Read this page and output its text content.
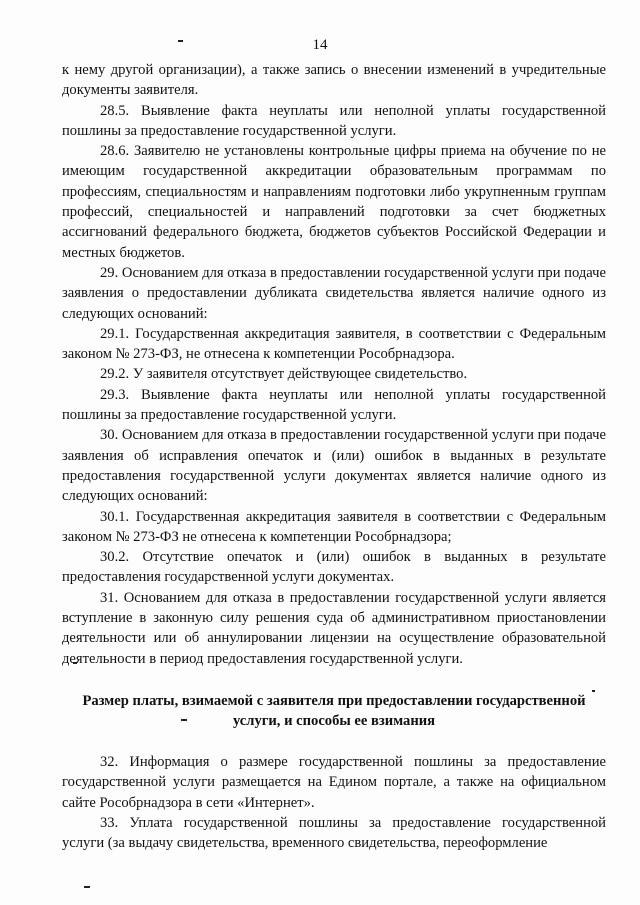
14

к нему другой организации), а также запись о внесении изменений в учредительные документы заявителя.

28.5. Выявление факта неуплаты или неполной уплаты государственной пошлины за предоставление государственной услуги.

28.6. Заявителю не установлены контрольные цифры приема на обучение по не имеющим государственной аккредитации образовательным программам по профессиям, специальностям и направлениям подготовки либо укрупненным группам профессий, специальностей и направлений подготовки за счет бюджетных ассигнований федерального бюджета, бюджетов субъектов Российской Федерации и местных бюджетов.

29. Основанием для отказа в предоставлении государственной услуги при подаче заявления о предоставлении дубликата свидетельства является наличие одного из следующих оснований:

29.1. Государственная аккредитация заявителя, в соответствии с Федеральным законом № 273-ФЗ, не отнесена к компетенции Рособрнадзора.

29.2. У заявителя отсутствует действующее свидетельство.

29.3. Выявление факта неуплаты или неполной уплаты государственной пошлины за предоставление государственной услуги.

30. Основанием для отказа в предоставлении государственной услуги при подаче заявления об исправления опечаток и (или) ошибок в выданных в результате предоставления государственной услуги документах является наличие одного из следующих оснований:

30.1. Государственная аккредитация заявителя в соответствии с Федеральным законом № 273-ФЗ не отнесена к компетенции Рособрнадзора;

30.2. Отсутствие опечаток и (или) ошибок в выданных в результате предоставления государственной услуги документах.

31. Основанием для отказа в предоставлении государственной услуги является вступление в законную силу решения суда об административном приостановлении деятельности или об аннулировании лицензии на осуществление образовательной деятельности в период предоставления государственной услуги.

Размер платы, взимаемой с заявителя при предоставлении государственной услуги, и способы ее взимания

32. Информация о размере государственной пошлины за предоставление государственной услуги размещается на Едином портале, а также на официальном сайте Рособрнадзора в сети «Интернет».

33. Уплата государственной пошлины за предоставление государственной услуги (за выдачу свидетельства, временного свидетельства, переоформление
